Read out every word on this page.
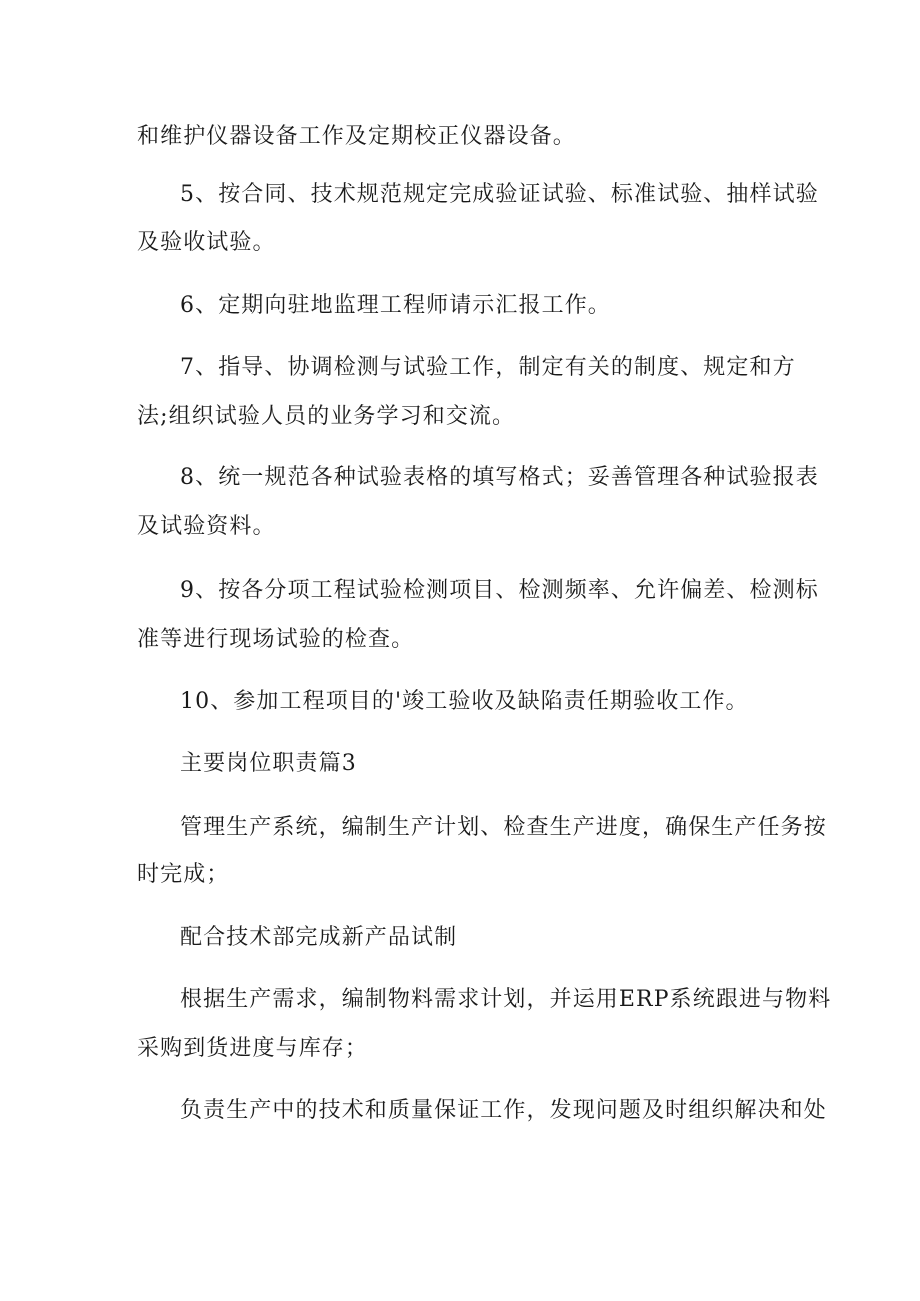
和维护仪器设备工作及定期校正仪器设备。

5、按合同、技术规范规定完成验证试验、标准试验、抽样试验

及验收试验。

6、定期向驻地监理工程师请示汇报工作。

7、指导、协调检测与试验工作，制定有关的制度、规定和方

法;组织试验人员的业务学习和交流。

8、统一规范各种试验表格的填写格式；妥善管理各种试验报表

及试验资料。

9、按各分项工程试验检测项目、检测频率、允许偏差、检测标

准等进行现场试验的检查。

10、参加工程项目的'竣工验收及缺陷责任期验收工作。

主要岗位职责篇3

管理生产系统，编制生产计划、检查生产进度，确保生产任务按

时完成；

配合技术部完成新产品试制

根据生产需求，编制物料需求计划，并运用ERP系统跟进与物料

采购到货进度与库存；

负责生产中的技术和质量保证工作，发现问题及时组织解决和处
